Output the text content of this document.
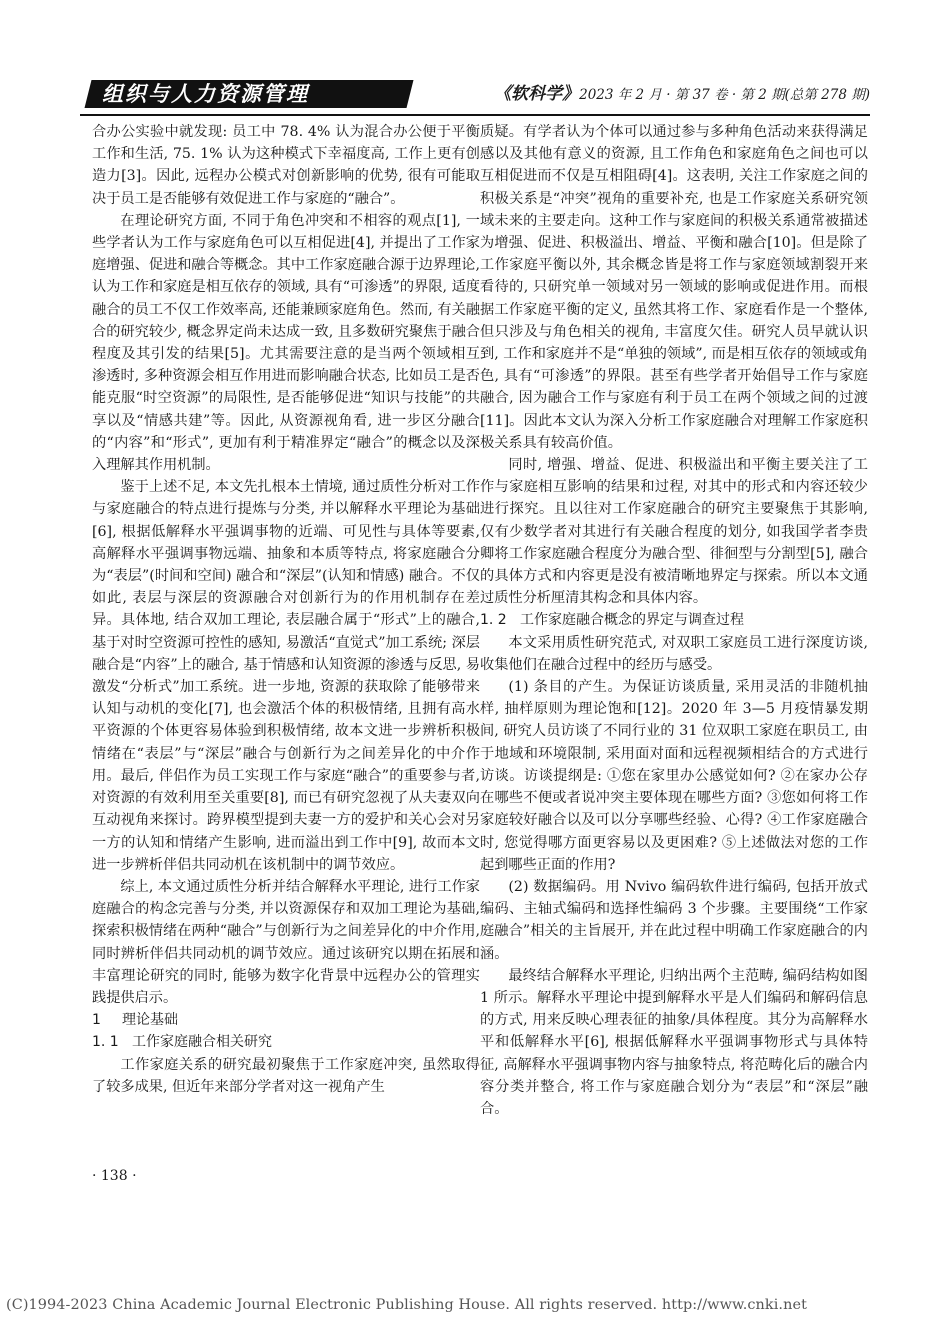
组织与人力资源管理	《软科学》2023 年 2 月 · 第 37 卷 · 第 2 期(总第 278 期)

合办公实验中就发现: 员工中 78. 4% 认为混合办公便于平衡工作和生活, 75. 1% 认为这种模式下幸福度高, 工作上更有创造力[3]。因此, 远程办公模式对创新影响的优势, 很有可能取决于员工是否能够有效促进工作与家庭的“融合”。

在理论研究方面, 不同于角色冲突和不相容的观点[1], 一些学者认为工作与家庭角色可以互相促进[4], 并提出了工作家庭增强、促进和融合等概念。其中工作家庭融合源于边界理论, 认为工作和家庭是相互依存的领域, 具有“可渗透”的界限, 适度融合的员工不仅工作效率高, 还能兼顾家庭角色。然而, 有关融合的研究较少, 概念界定尚未达成一致, 且多数研究聚焦于融合程度及其引发的结果[5]。尤其需要注意的是当两个领域相互渗透时, 多种资源会相互作用进而影响融合状态, 比如员工是否能克服“时空资源”的局限性, 是否能够促进“知识与技能”的共享以及“情感共建”等。因此, 从资源视角看, 进一步区分融合的“内容”和“形式”, 更加有利于精准界定“融合”的概念以及深入理解其作用机制。

鉴于上述不足, 本文先扎根本土情境, 通过质性分析对工作与家庭融合的特点进行提炼与分类, 并以解释水平理论为基础[6], 根据低解释水平强调事物的近端、可见性与具体等要素, 高解释水平强调事物远端、抽象和本质等特点, 将家庭融合分为“表层”(时间和空间) 融合和“深层”(认知和情感) 融合。不仅如此, 表层与深层的资源融合对创新行为的作用机制存在差异。具体地, 结合双加工理论, 表层融合属于“形式”上的融合, 基于对时空资源可控性的感知, 易激活“直觉式”加工系统; 深层融合是“内容”上的融合, 基于情感和认知资源的渗透与反思, 易激发“分析式”加工系统。进一步地, 资源的获取除了能够带来认知与动机的变化[7], 也会激活个体的积极情绪, 且拥有高水平资源的个体更容易体验到积极情绪, 故本文进一步辨析积极情绪在“表层”与“深层”融合与创新行为之间差异化的中介作用。最后, 伴侣作为员工实现工作与家庭“融合”的重要参与者, 对资源的有效利用至关重要[8], 而已有研究忽视了从夫妻双向互动视角来探讨。跨界模型提到夫妻一方的爱护和关心会对另一方的认知和情绪产生影响, 进而溢出到工作中[9], 故而本文进一步辨析伴侣共同动机在该机制中的调节效应。

综上, 本文通过质性分析并结合解释水平理论, 进行工作家庭融合的构念完善与分类, 并以资源保存和双加工理论为基础, 探索积极情绪在两种“融合”与创新行为之间差异化的中介作用, 同时辨析伴侣共同动机的调节效应。通过该研究以期在拓展和丰富理论研究的同时, 能够为数字化背景中远程办公的管理实践提供启示。

1 理论基础
1. 1 工作家庭融合相关研究

工作家庭关系的研究最初聚焦于工作家庭冲突, 虽然取得了较多成果, 但近年来部分学者对这一视角产生

质疑。有学者认为个体可以通过参与多种角色活动来获得满足感以及其他有意义的资源, 且工作角色和家庭角色之间也可以互相促进而不仅是互相阻碍[4]。这表明, 关注工作家庭之间的积极关系是“冲突”视角的重要补充, 也是工作家庭关系研究领域未来的主要走向。这种工作与家庭间的积极关系通常被描述为增强、促进、积极溢出、增益、平衡和融合[10]。但是除了工作家庭平衡以外, 其余概念皆是将工作与家庭领域割裂开来看待的, 只研究单一领域对另一领域的影响或促进作用。而根据工作家庭平衡的定义, 虽然其将工作、家庭看作是一个整体, 但只涉及与角色相关的视角, 丰富度欠佳。研究人员早就认识到, 工作和家庭并不是“单独的领域”, 而是相互依存的领域或角色, 具有“可渗透”的界限。甚至有些学者开始倡导工作与家庭融合, 因为融合工作与家庭有利于员工在两个领域之间的过渡[11]。因此本文认为深入分析工作家庭融合对理解工作家庭积极关系具有较高价值。

同时, 增强、增益、促进、积极溢出和平衡主要关注了工作与家庭相互影响的结果和过程, 对其中的形式和内容还较少进行探究。且以往对工作家庭融合的研究主要聚焦于其影响, 仅有少数学者对其进行有关融合程度的划分, 如我国学者李贵卿将工作家庭融合程度分为融合型、徘徊型与分割型[5], 融合的具体方式和内容更是没有被清晰地界定与探索。所以本文通过质性分析厘清其构念和具体内容。

1. 2 工作家庭融合概念的界定与调查过程

本文采用质性研究范式, 对双职工家庭员工进行深度访谈, 收集他们在融合过程中的经历与感受。

(1) 条目的产生。为保证访谈质量, 采用灵活的非随机抽样, 抽样原则为理论饱和[12]。2020 年 3—5 月疫情暴发期间, 研究人员访谈了不同行业的 31 位双职工家庭在职员工, 由于地域和环境限制, 采用面对面和远程视频相结合的方式进行访谈。访谈提纲是: ①您在家里办公感觉如何? ②在家办公存在哪些不便或者说冲突主要体现在哪些方面? ③您如何将工作家庭较好融合以及可以分享哪些经验、心得? ④工作家庭融合时, 您觉得哪方面更容易以及更困难? ⑤上述做法对您的工作起到哪些正面的作用?

(2) 数据编码。用 Nvivo 编码软件进行编码, 包括开放式编码、主轴式编码和选择性编码 3 个步骤。主要围绕“工作家庭融合”相关的主旨展开, 并在此过程中明确工作家庭融合的内涵。

最终结合解释水平理论, 归纳出两个主范畴, 编码结构如图 1 所示。解释水平理论中提到解释水平是人们编码和解码信息的方式, 用来反映心理表征的抽象/具体程度。其分为高解释水平和低解释水平[6], 根据低解释水平强调事物形式与具体特征, 高解释水平强调事物内容与抽象特点, 将范畴化后的融合内容分类并整合, 将工作与家庭融合划分为“表层”和“深层”融合。

· 138 ·
(C)1994-2023 China Academic Journal Electronic Publishing House. All rights reserved. http://www.cnki.net
